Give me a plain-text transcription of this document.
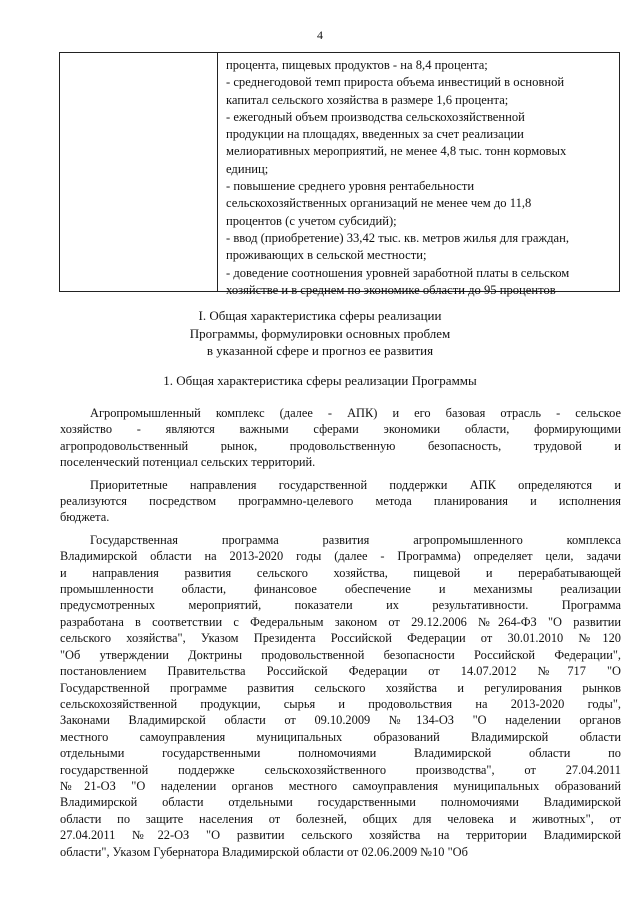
4
процента, пищевых продуктов - на 8,4 процента;
- среднегодовой темп прироста объема инвестиций в основной
капитал сельского хозяйства в размере 1,6 процента;
- ежегодный объем производства сельскохозяйственной
продукции на площадях, введенных за счет реализации
мелиоративных мероприятий, не менее 4,8 тыс. тонн кормовых
единиц;
- повышение среднего уровня рентабельности
сельскохозяйственных организаций не менее чем до 11,8
процентов (с учетом субсидий);
- ввод (приобретение) 33,42 тыс. кв. метров жилья для граждан,
проживающих в сельской местности;
- доведение соотношения уровней заработной платы в сельском
хозяйстве и в среднем по экономике области до 95 процентов
I. Общая характеристика сферы реализации
Программы, формулировки основных проблем
в указанной сфере и прогноз ее развития
1. Общая характеристика сферы реализации Программы
Агропромышленный комплекс (далее - АПК) и его базовая отрасль - сельское
хозяйство - являются важными сферами экономики области, формирующими
агропродовольственный рынок, продовольственную безопасность, трудовой и
поселенческий потенциал сельских территорий.
Приоритетные направления государственной поддержки АПК определяются и
реализуются посредством программно-целевого метода планирования и исполнения
бюджета.
Государственная программа развития агропромышленного комплекса
Владимирской области на 2013-2020 годы (далее - Программа) определяет цели, задачи
и направления развития сельского хозяйства, пищевой и перерабатывающей
промышленности области, финансовое обеспечение и механизмы реализации
предусмотренных мероприятий, показатели их результативности. Программа
разработана в соответствии с Федеральным законом от 29.12.2006 №264-ФЗ "О развитии
сельского хозяйства", Указом Президента Российской Федерации от 30.01.2010 №120
"Об утверждении Доктрины продовольственной безопасности Российской Федерации",
постановлением Правительства Российской Федерации от 14.07.2012 №717 "О
Государственной программе развития сельского хозяйства и регулирования рынков
сельскохозяйственной продукции, сырья и продовольствия на 2013-2020 годы",
Законами Владимирской области от 09.10.2009 №134-ОЗ "О наделении органов
местного самоуправления муниципальных образований Владимирской области
отдельными государственными полномочиями Владимирской области по
государственной поддержке сельскохозяйственного производства", от 27.04.2011
№21-ОЗ "О наделении органов местного самоуправления муниципальных образований
Владимирской области отдельными государственными полномочиями Владимирской
области по защите населения от болезней, общих для человека и животных", от
27.04.2011 №22-ОЗ "О развитии сельского хозяйства на территории Владимирской
области", Указом Губернатора Владимирской области от 02.06.2009 №10 "Об
